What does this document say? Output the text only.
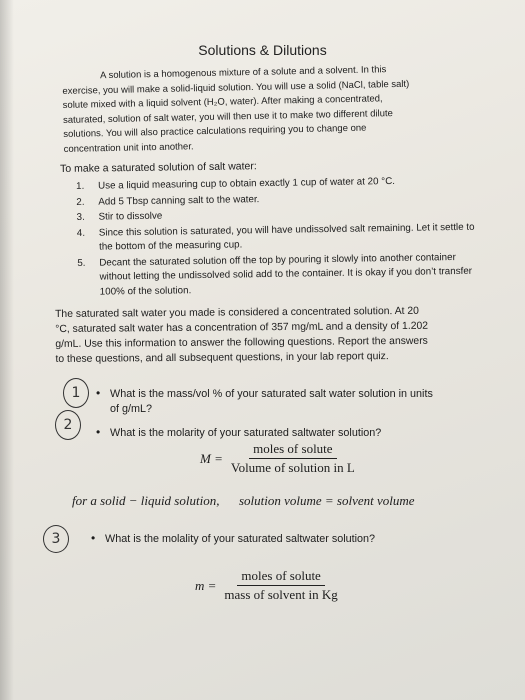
Solutions & Dilutions
A solution is a homogenous mixture of a solute and a solvent. In this
exercise, you will make a solid-liquid solution. You will use a solid (NaCl, table salt)
solute mixed with a liquid solvent (H₂O, water). After making a concentrated,
saturated, solution of salt water, you will then use it to make two different dilute
solutions. You will also practice calculations requiring you to change one
concentration unit into another.
To make a saturated solution of salt water:
1. Use a liquid measuring cup to obtain exactly 1 cup of water at 20 °C.
2. Add 5 Tbsp canning salt to the water.
3. Stir to dissolve
4. Since this solution is saturated, you will have undissolved salt remaining. Let it settle to the bottom of the measuring cup.
5. Decant the saturated solution off the top by pouring it slowly into another container without letting the undissolved solid add to the container. It is okay if you don’t transfer 100% of the solution.
The saturated salt water you made is considered a concentrated solution. At 20
°C, saturated salt water has a concentration of 357 mg/mL and a density of 1.202
g/mL. Use this information to answer the following questions. Report the answers
to these questions, and all subsequent questions, in your lab report quiz.
1
2
3
• What is the mass/vol % of your saturated salt water solution in units of g/mL?
• What is the molarity of your saturated saltwater solution?
$M = \frac{\text{moles of solute}}{\text{Volume of solution in L}}$
for a solid − liquid solution, solution volume = solvent volume
• What is the molality of your saturated saltwater solution?
$m = \frac{\text{moles of solute}}{\text{mass of solvent in Kg}}$
